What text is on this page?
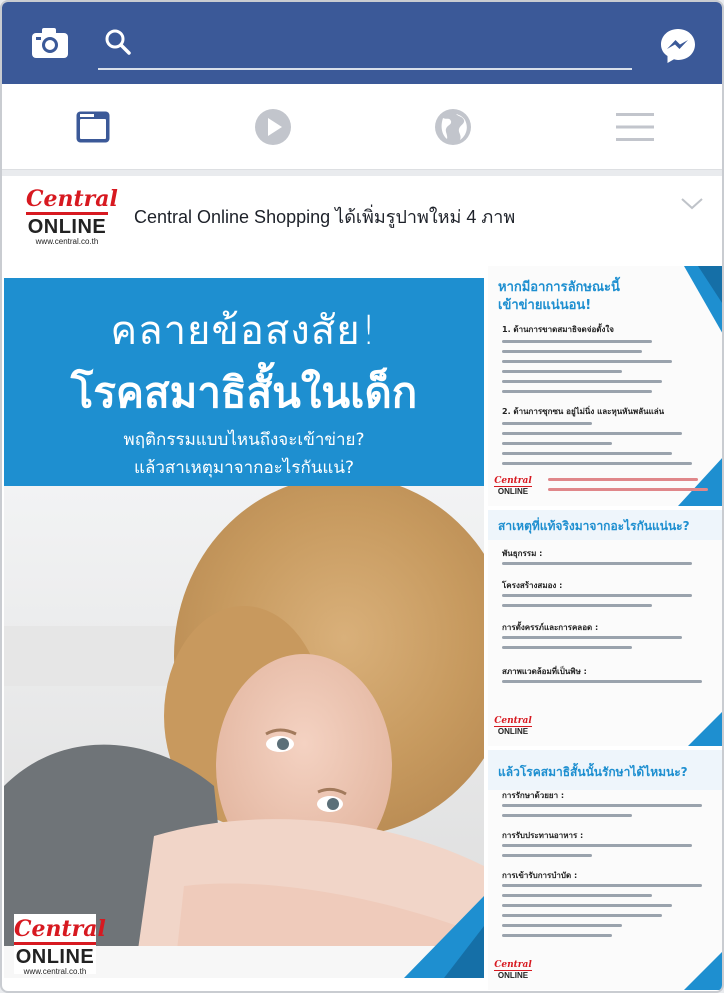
Central
ONLINE
www.central.co.th
Central Online Shopping ได้เพิ่มรูปาพใหม่ 4 ภาพ
คลายข้อสงสัย!
โรคสมาธิสั้นในเด็ก
พฤติกรรมแบบไหนถึงจะเข้าข่าย?
แล้วสาเหตุมาจากอะไรกันแน่?
Central
ONLINE
www.central.co.th
หากมีอาการลักษณะนี้
เข้าข่ายแน่นอน!
1. ด้านการขาดสมาธิจดจ่อตั้งใจ
2. ด้านการซุกซน อยู่ไม่นิ่ง และหุนหันพลันแล่น
Central
ONLINE
สาเหตุที่แท้จริงมาจากอะไรกันแน่นะ?
พันธุกรรม :
โครงสร้างสมอง :
การตั้งครรภ์และการคลอด :
สภาพแวดล้อมที่เป็นพิษ :
Central
ONLINE
แล้วโรคสมาธิสั้นนั้นรักษาได้ไหมนะ?
การรักษาด้วยยา :
การรับประทานอาหาร :
การเข้ารับการบำบัด :
Central
ONLINE
